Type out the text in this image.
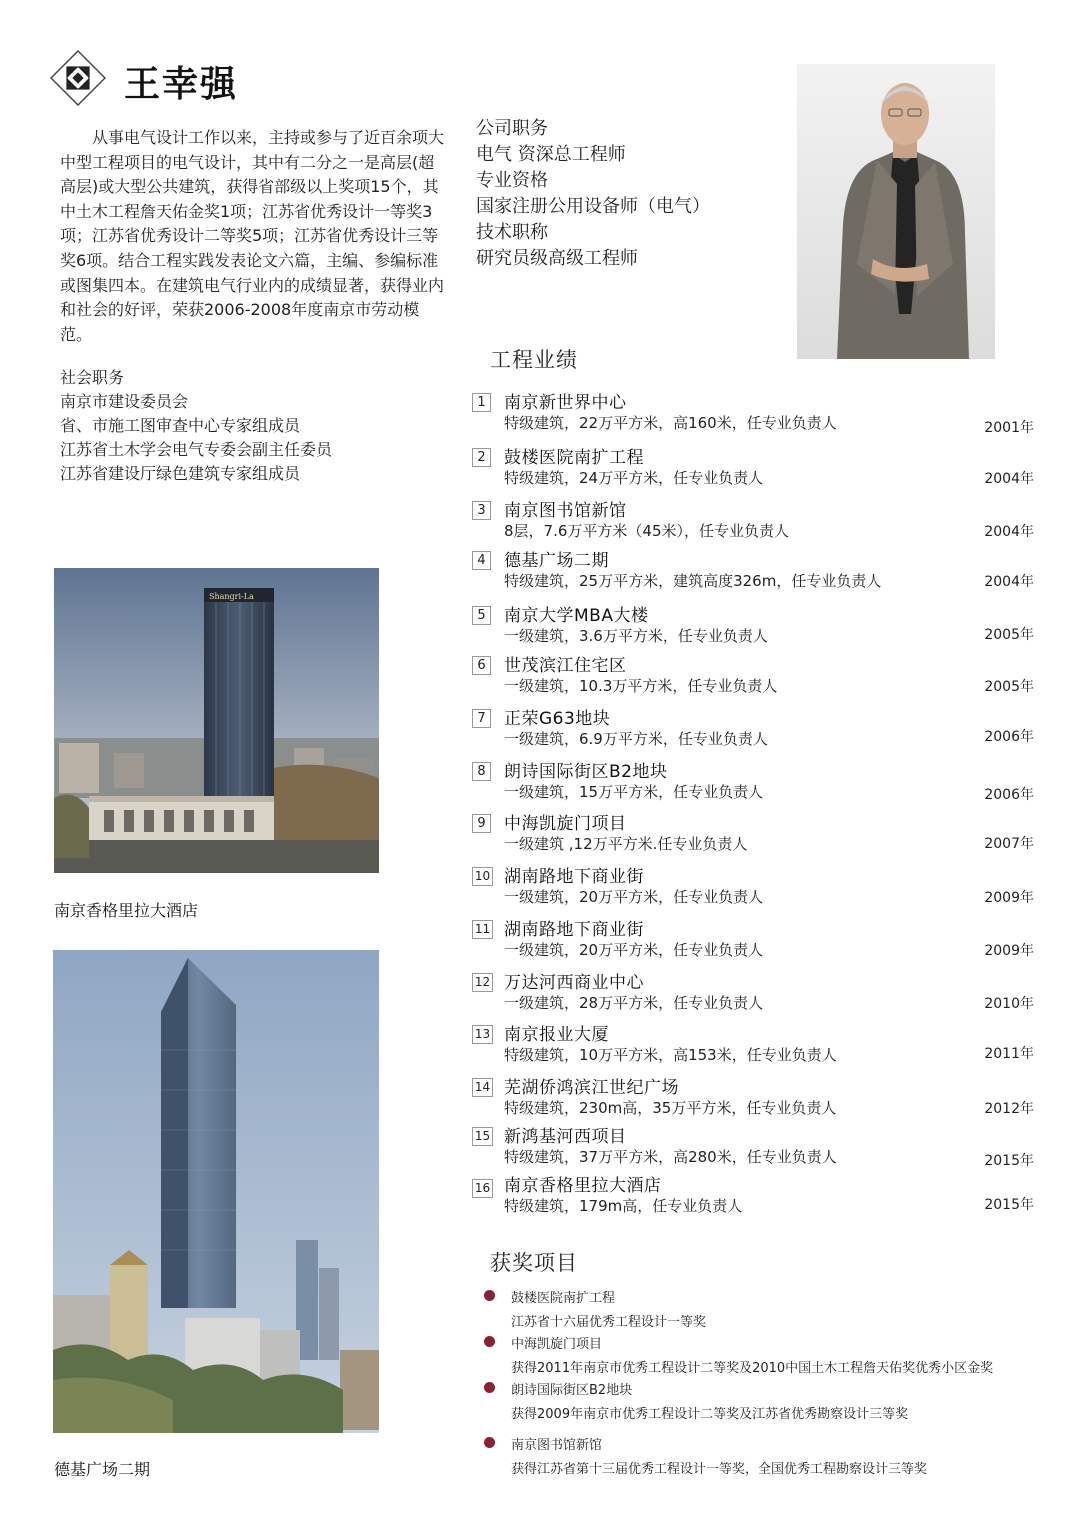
王幸强

从事电气设计工作以来，主持或参与了近百余项大中型工程项目的电气设计，其中有二分之一是高层(超高层)或大型公共建筑，获得省部级以上奖项15个，其中土木工程詹天佑金奖1项；江苏省优秀设计一等奖3项；江苏省优秀设计二等奖5项；江苏省优秀设计三等奖6项。结合工程实践发表论文六篇，主编、参编标准或图集四本。在建筑电气行业内的成绩显著，获得业内和社会的好评，荣获2006-2008年度南京市劳动模范。

社会职务
南京市建设委员会
省、市施工图审查中心专家组成员
江苏省土木学会电气专委会副主任委员
江苏省建设厅绿色建筑专家组成员
公司职务
电气 资深总工程师
专业资格
国家注册公用设备师（电气）
技术职称
研究员级高级工程师
工程业绩
1	南京新世界中心
特级建筑，22万平方米，高160米，任专业负责人	2001年
2	鼓楼医院南扩工程
特级建筑，24万平方米，任专业负责人	2004年
3	南京图书馆新馆
8层，7.6万平方米（45米），任专业负责人	2004年
4	德基广场二期
特级建筑，25万平方米，建筑高度326m，任专业负责人	2004年
5	南京大学MBA大楼
一级建筑，3.6万平方米，任专业负责人	2005年
6	世茂滨江住宅区
一级建筑，10.3万平方米，任专业负责人	2005年
7	正荣G63地块
一级建筑，6.9万平方米，任专业负责人	2006年
8	朗诗国际街区B2地块
一级建筑，15万平方米，任专业负责人	2006年
9	中海凯旋门项目
一级建筑 ,12万平方米.任专业负责人	2007年
10 湖南路地下商业街
一级建筑，20万平方米，任专业负责人	2009年
11 湖南路地下商业街
一级建筑，20万平方米，任专业负责人	2009年
12 万达河西商业中心
一级建筑，28万平方米，任专业负责人	2010年
13 南京报业大厦
特级建筑，10万平方米，高153米，任专业负责人	2011年
14 芜湖侨鸿滨江世纪广场
特级建筑，230m高，35万平方米，任专业负责人	2012年
15 新鸿基河西项目
特级建筑，37万平方米，高280米，任专业负责人	2015年
16 南京香格里拉大酒店
特级建筑，179m高，任专业负责人	2015年
获奖项目
鼓楼医院南扩工程
江苏省十六届优秀工程设计一等奖
中海凯旋门项目
获得2011年南京市优秀工程设计二等奖及2010中国土木工程詹天佑奖优秀小区金奖
朗诗国际街区B2地块
获得2009年南京市优秀工程设计二等奖及江苏省优秀勘察设计三等奖
南京图书馆新馆
获得江苏省第十三届优秀工程设计一等奖，全国优秀工程勘察设计三等奖
Shangri-La
南京香格里拉大酒店
德基广场二期
